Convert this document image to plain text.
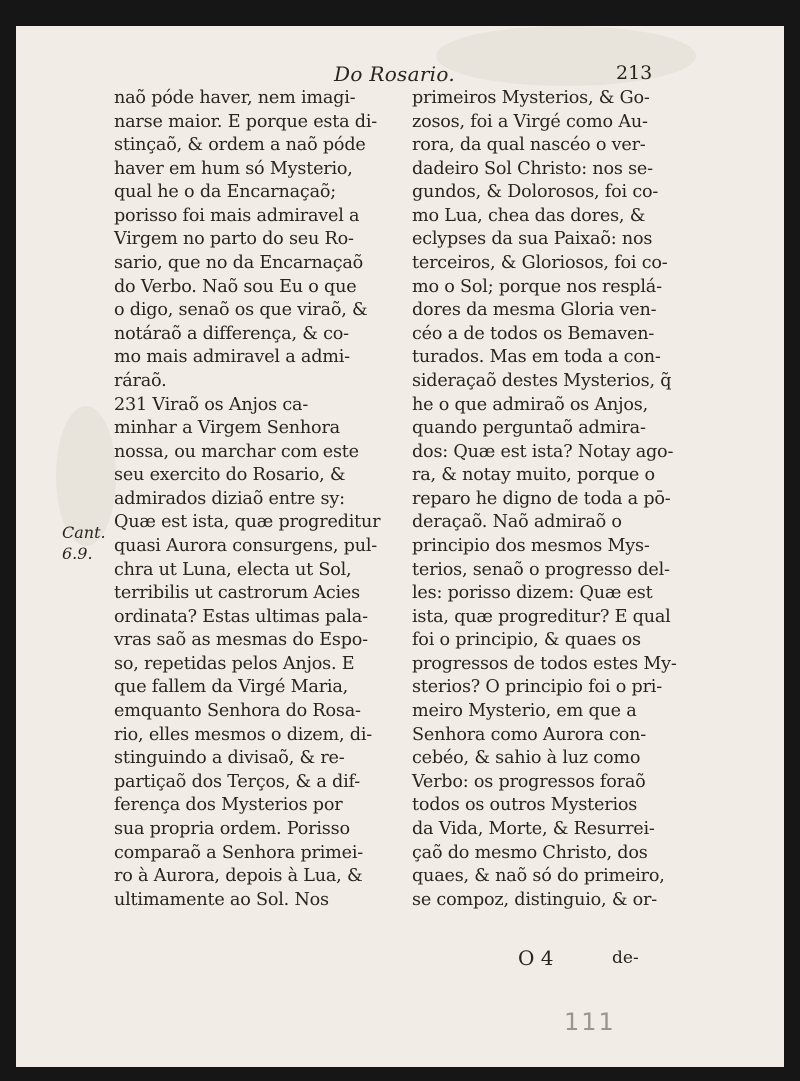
Do Rosario.	213
Cant.
6.9.
naõ póde haver, nem imagi-
narse maior. E porque esta di-
stinçaõ, & ordem a naõ póde
haver em hum só Mysterio,
qual he o da Encarnaçaõ;
porisso foi mais admiravel a
Virgem no parto do seu Ro-
sario, que no da Encarnaçaõ
do Verbo. Naõ sou Eu o que
o digo, senaõ os que viraõ, &
notáraõ a differença, & co-
mo mais admiravel a admi-
ráraõ.
231 Viraõ os Anjos ca-
minhar a Virgem Senhora
nossa, ou marchar com este
seu exercito do Rosario, &
admirados diziaõ entre sy:
Quæ est ista, quæ progreditur
quasi Aurora consurgens, pul-
chra ut Luna, electa ut Sol,
terribilis ut castrorum Acies
ordinata? Estas ultimas pala-
vras saõ as mesmas do Espo-
so, repetidas pelos Anjos. E
que fallem da Virgé Maria,
emquanto Senhora do Rosa-
rio, elles mesmos o dizem, di-
stinguindo a divisaõ, & re-
partiçaõ dos Terços, & a dif-
ferença dos Mysterios por
sua propria ordem. Porisso
comparaõ a Senhora primei-
ro à Aurora, depois à Lua, &
ultimamente ao Sol. Nos
primeiros Mysterios, & Go-
zosos, foi a Virgé como Au-
rora, da qual nascéo o ver-
dadeiro Sol Christo: nos se-
gundos, & Dolorosos, foi co-
mo Lua, chea das dores, &
eclypses da sua Paixaõ: nos
terceiros, & Gloriosos, foi co-
mo o Sol; porque nos resplá-
dores da mesma Gloria ven-
céo a de todos os Bemaven-
turados. Mas em toda a con-
sideraçaõ destes Mysterios, q̃
he o que admiraõ os Anjos,
quando perguntaõ admira-
dos: Quæ est ista? Notay ago-
ra, & notay muito, porque o
reparo he digno de toda a pō-
deraçaõ. Naõ admiraõ o
principio dos mesmos Mys-
terios, senaõ o progresso del-
les: porisso dizem: Quæ est
ista, quæ progreditur? E qual
foi o principio, & quaes os
progressos de todos estes My-
sterios? O principio foi o pri-
meiro Mysterio, em que a
Senhora como Aurora con-
cebéo, & sahio à luz como
Verbo: os progressos foraõ
todos os outros Mysterios
da Vida, Morte, & Resurrei-
çaõ do mesmo Christo, dos
quaes, & naõ só do primeiro,
se compoz, distinguio, & or-
O 4	de-
111
